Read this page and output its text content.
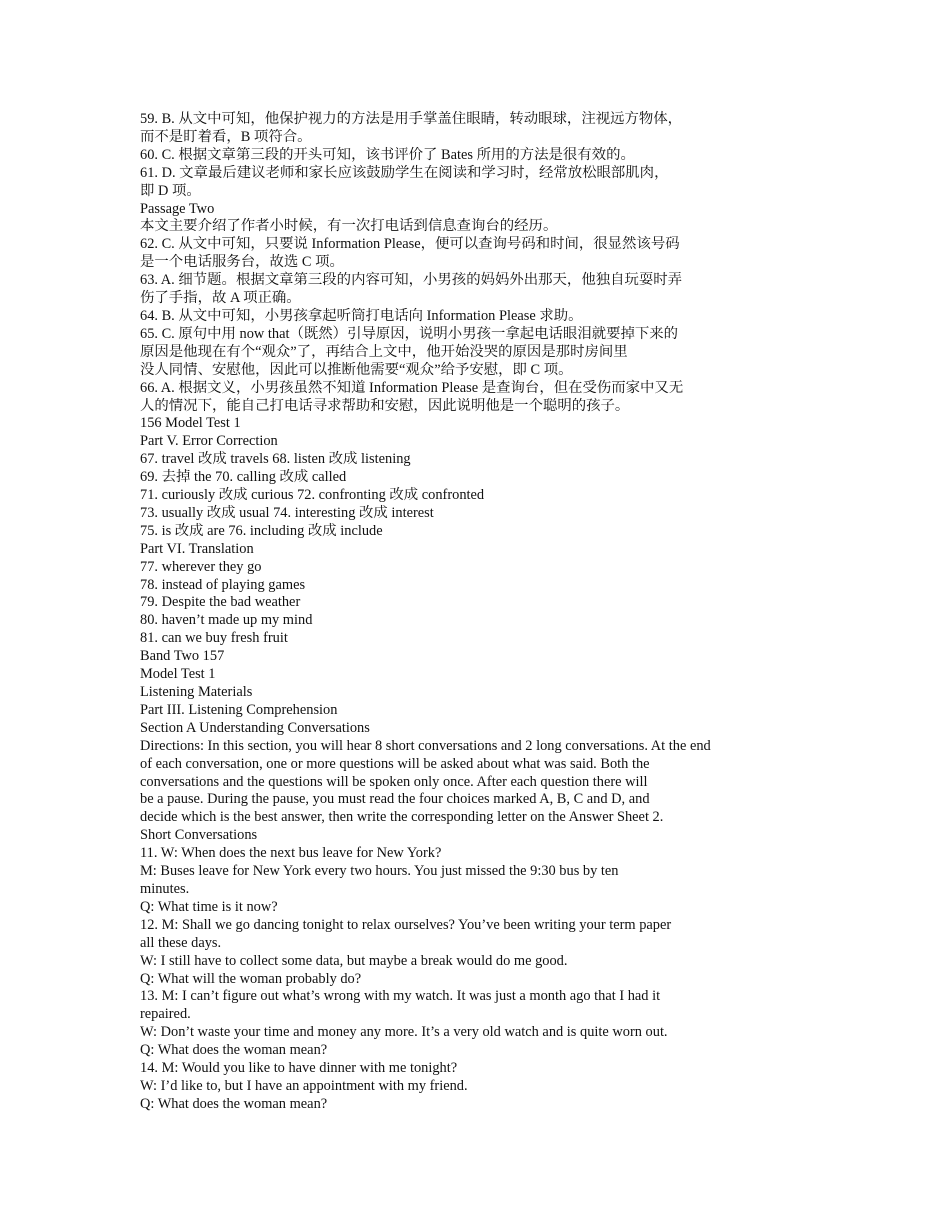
59. B. 从文中可知，他保护视力的方法是用手掌盖住眼睛，转动眼球，注视远方物体，
而不是盯着看，B 项符合。
60. C. 根据文章第三段的开头可知，该书评价了 Bates 所用的方法是很有效的。
61. D. 文章最后建议老师和家长应该鼓励学生在阅读和学习时，经常放松眼部肌肉，
即 D 项。
Passage Two
本文主要介绍了作者小时候，有一次打电话到信息查询台的经历。
62. C. 从文中可知，只要说 Information Please，便可以查询号码和时间，很显然该号码
是一个电话服务台，故选 C 项。
63. A. 细节题。根据文章第三段的内容可知，小男孩的妈妈外出那天，他独自玩耍时弄
伤了手指，故 A 项正确。
64. B. 从文中可知，小男孩拿起听筒打电话向 Information Please 求助。
65. C. 原句中用 now that（既然）引导原因，说明小男孩一拿起电话眼泪就要掉下来的
原因是他现在有个“观众”了，再结合上文中，他开始没哭的原因是那时房间里
没人同情、安慰他，因此可以推断他需要“观众”给予安慰，即 C 项。
66. A. 根据文义，小男孩虽然不知道 Information Please 是查询台，但在受伤而家中又无
人的情况下，能自己打电话寻求帮助和安慰，因此说明他是一个聪明的孩子。
156 Model Test 1
Part V. Error Correction
67. travel 改成 travels 68. listen 改成 listening
69. 去掉 the 70. calling 改成 called
71. curiously 改成 curious 72. confronting 改成 confronted
73. usually 改成 usual 74. interesting 改成 interest
75. is 改成 are 76. including 改成 include
Part VI. Translation
77. wherever they go
78. instead of playing games
79. Despite the bad weather
80. haven’t made up my mind
81. can we buy fresh fruit
Band Two 157
Model Test 1
Listening Materials
Part III. Listening Comprehension
Section A Understanding Conversations
Directions: In this section, you will hear 8 short conversations and 2 long conversations. At the end
of each conversation, one or more questions will be asked about what was said. Both the
conversations and the questions will be spoken only once. After each question there will
be a pause. During the pause, you must read the four choices marked A, B, C and D, and
decide which is the best answer, then write the corresponding letter on the Answer Sheet 2.
Short Conversations
11. W: When does the next bus leave for New York?
M: Buses leave for New York every two hours. You just missed the 9:30 bus by ten
minutes.
Q: What time is it now?
12. M: Shall we go dancing tonight to relax ourselves? You’ve been writing your term paper
all these days.
W: I still have to collect some data, but maybe a break would do me good.
Q: What will the woman probably do?
13. M: I can’t figure out what’s wrong with my watch. It was just a month ago that I had it
repaired.
W: Don’t waste your time and money any more. It’s a very old watch and is quite worn out.
Q: What does the woman mean?
14. M: Would you like to have dinner with me tonight?
W: I’d like to, but I have an appointment with my friend.
Q: What does the woman mean?
